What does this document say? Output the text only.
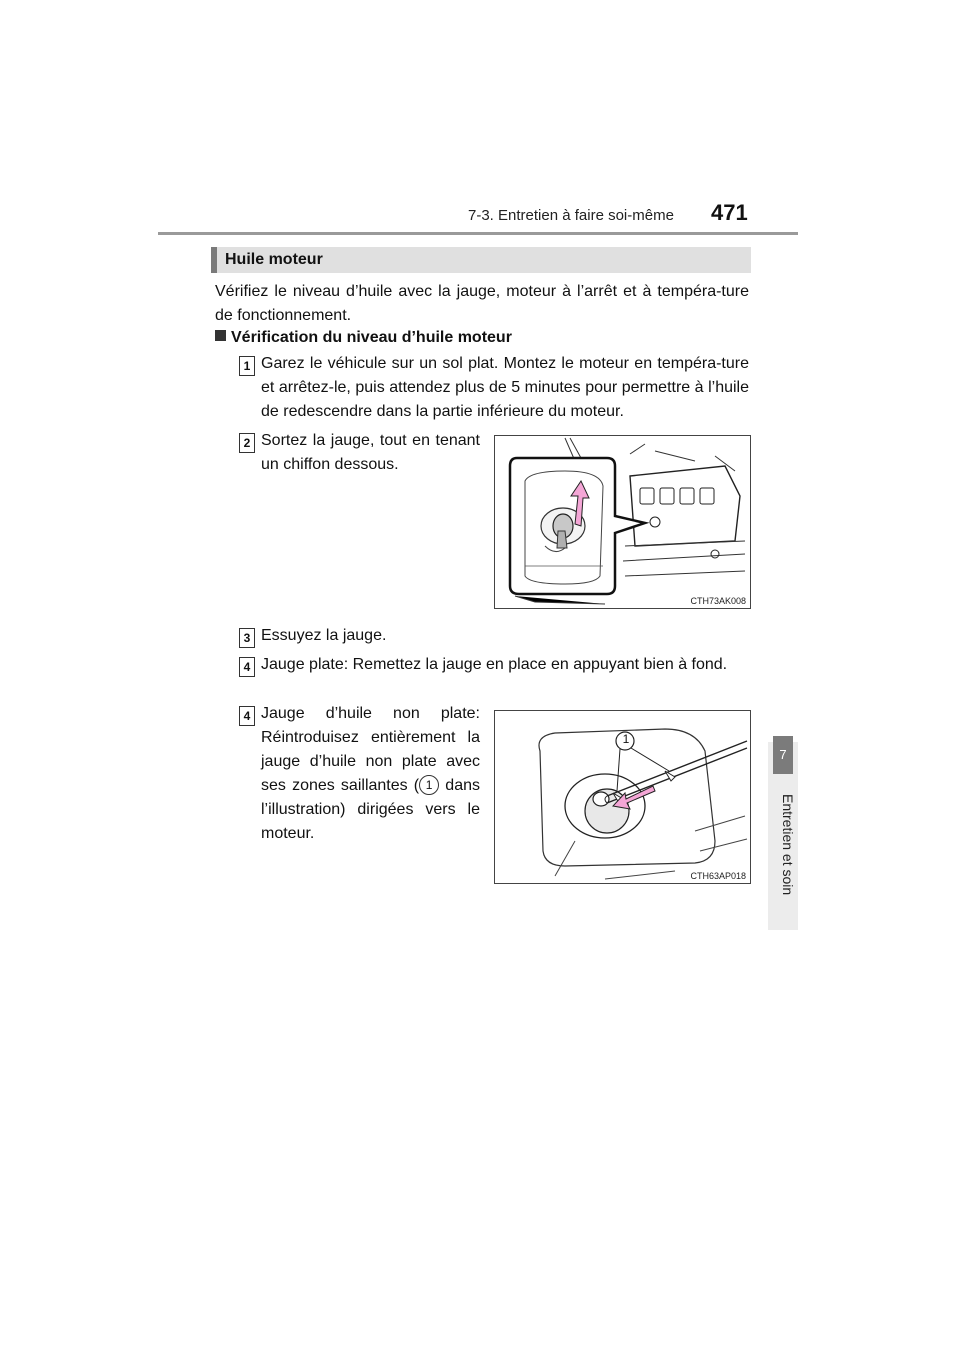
7-3. Entretien à faire soi-même 471
Huile moteur
Vérifiez le niveau d’huile avec la jauge, moteur à l’arrêt et à tempéra-ture de fonctionnement.
Vérification du niveau d’huile moteur
1 Garez le véhicule sur un sol plat. Montez le moteur en tempéra-ture et arrêtez-le, puis attendez plus de 5 minutes pour permettre à l’huile de redescendre dans la partie inférieure du moteur.
2 Sortez la jauge, tout en tenant un chiffon dessous.
CTH73AK008
3 Essuyez la jauge.
4 Jauge plate: Remettez la jauge en place en appuyant bien à fond.
4 Jauge d’huile non plate: Réintroduisez entièrement la jauge d’huile non plate avec ses zones saillantes ( 1 dans l’illustration) dirigées vers le moteur.
1
CTH63AP018
7
Entretien et soin
